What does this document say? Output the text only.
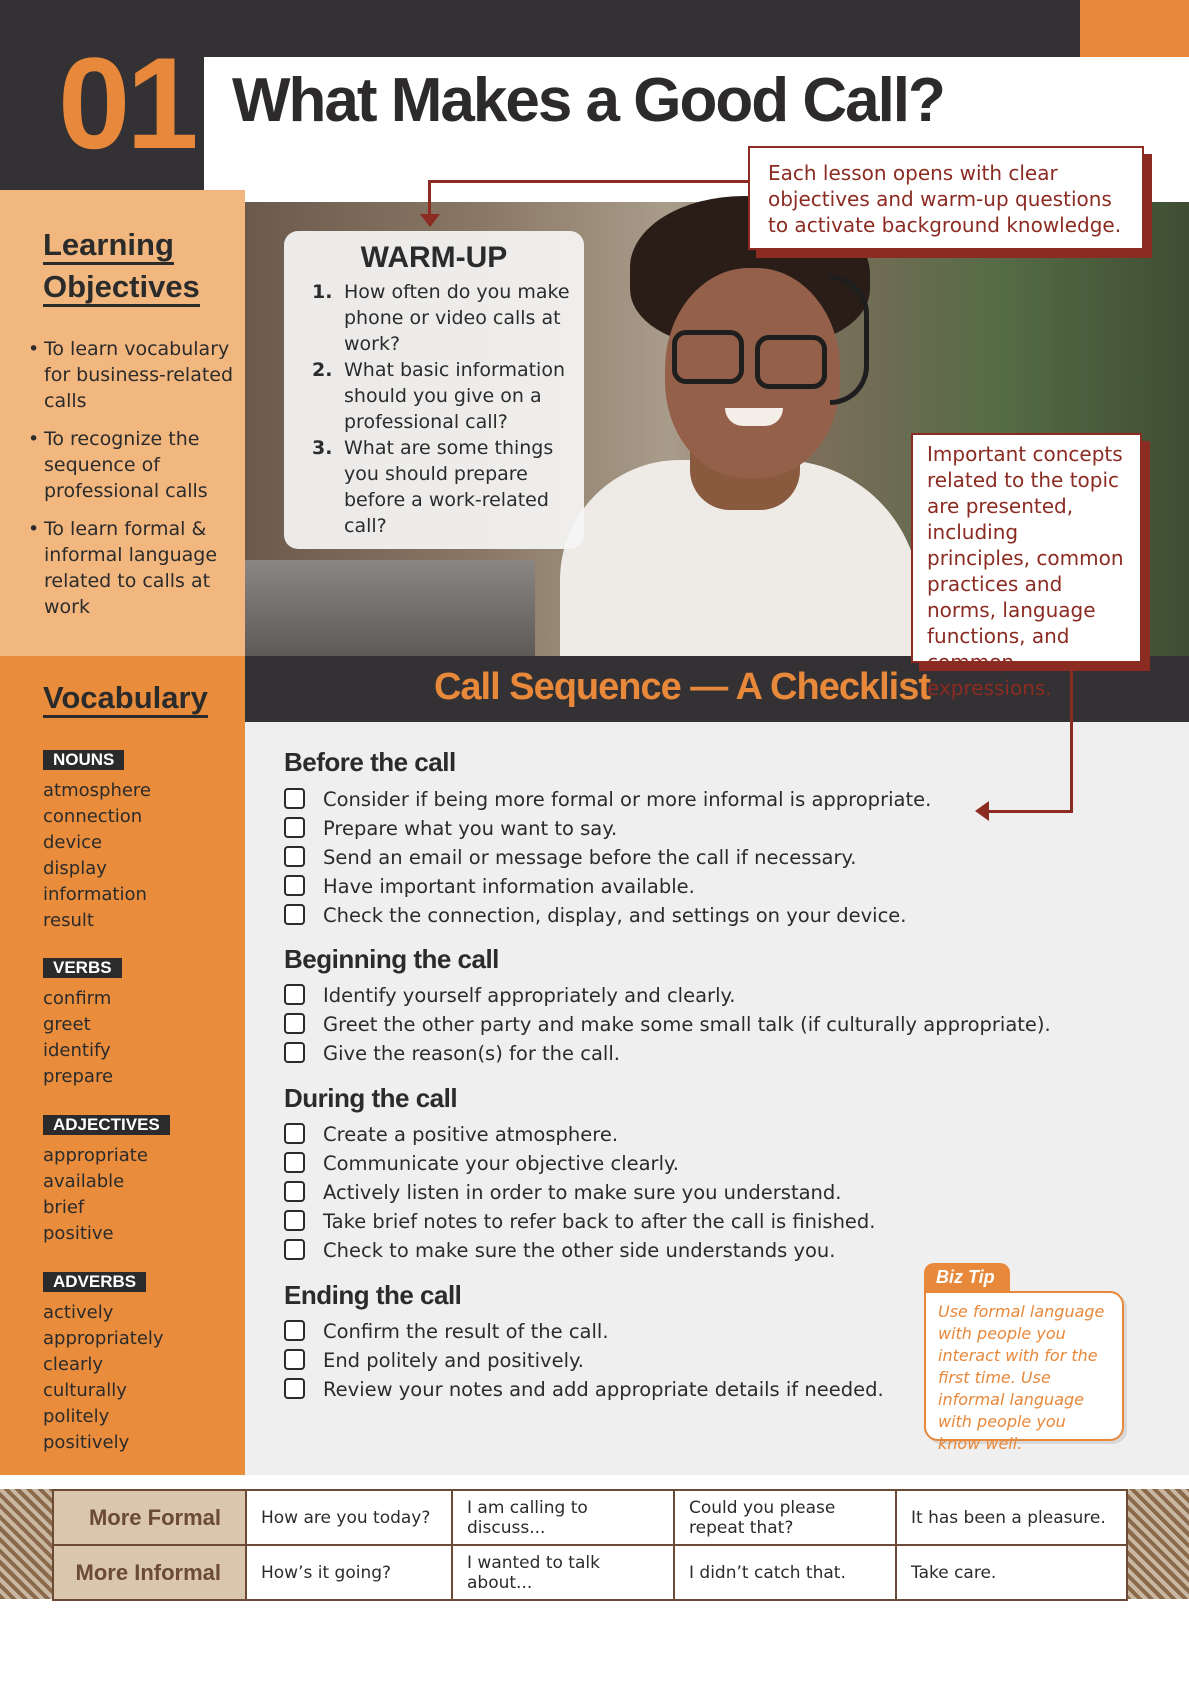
01 What Makes a Good Call?
Learning
Objectives
• To learn vocabulary for business-related calls
• To recognize the sequence of professional calls
• To learn formal & informal language related to calls at work
Vocabulary
NOUNS
atmosphere
connection
device
display
information
result
VERBS
confirm
greet
identify
prepare
ADJECTIVES
appropriate
available
brief
positive
ADVERBS
actively
appropriately
clearly
culturally
politely
positively
WARM-UP
1. How often do you make phone or video calls at work?
2. What basic information should you give on a professional call?
3. What are some things you should prepare before a work-related call?
Each lesson opens with clear objectives and warm-up questions to activate background knowledge.
Call Sequence — A Checklist
Important concepts related to the topic are presented, including principles, common practices and norms, language functions, and common expressions.
Before the call
Consider if being more formal or more informal is appropriate.
Prepare what you want to say.
Send an email or message before the call if necessary.
Have important information available.
Check the connection, display, and settings on your device.
Beginning the call
Identify yourself appropriately and clearly.
Greet the other party and make some small talk (if culturally appropriate).
Give the reason(s) for the call.
During the call
Create a positive atmosphere.
Communicate your objective clearly.
Actively listen in order to make sure you understand.
Take brief notes to refer back to after the call is finished.
Check to make sure the other side understands you.
Ending the call
Confirm the result of the call.
End politely and positively.
Review your notes and add appropriate details if needed.
Biz Tip
Use formal language with people you interact with for the first time. Use informal language with people you know well.
More Formal	How are you today?	I am calling to discuss...	Could you please repeat that?	It has been a pleasure.
More Informal	How’s it going?	I wanted to talk about...	I didn’t catch that.	Take care.
